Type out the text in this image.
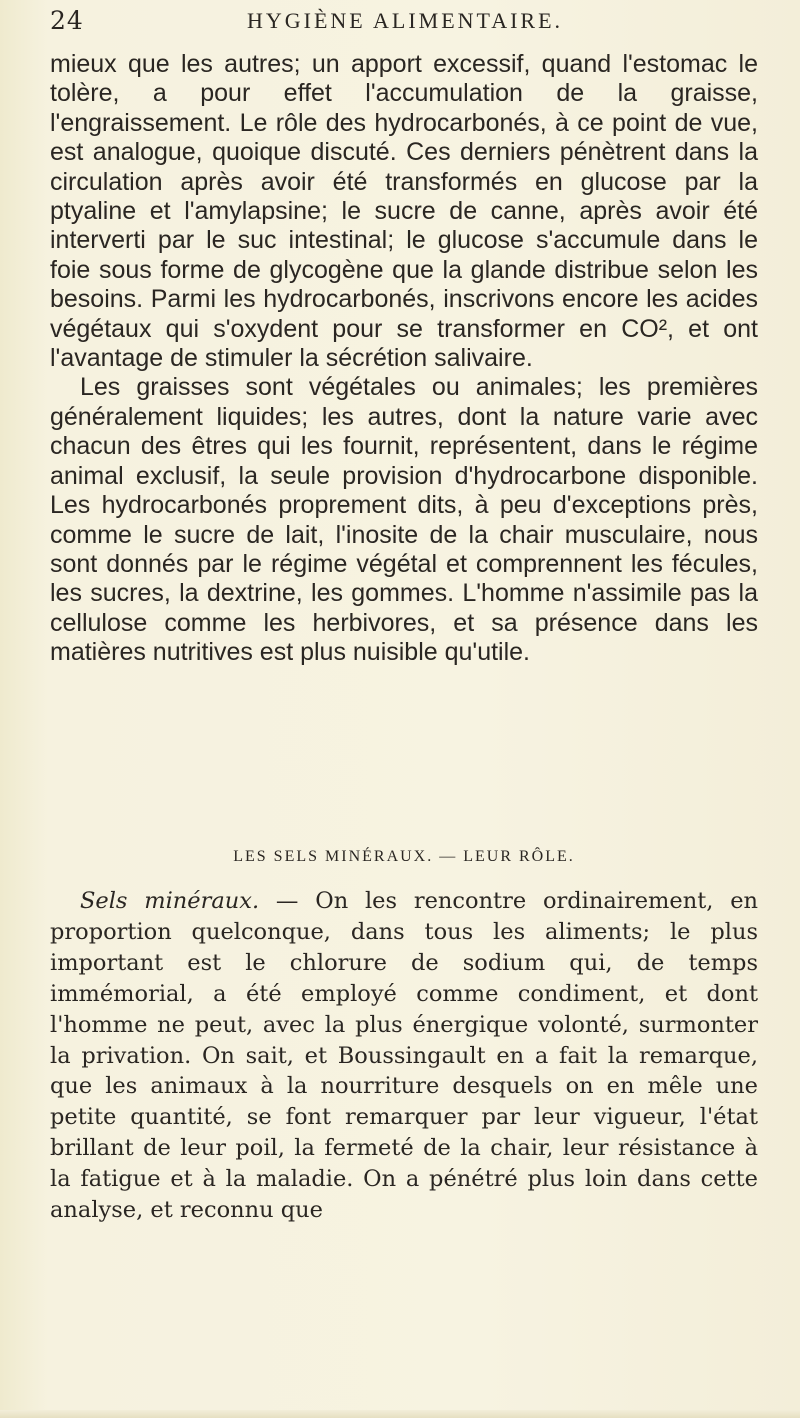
24	HYGIÈNE ALIMENTAIRE.

mieux que les autres; un apport excessif, quand l'estomac le tolère, a pour effet l'accumulation de la graisse, l'engraissement. Le rôle des hydrocarbonés, à ce point de vue, est analogue, quoique discuté. Ces derniers pénètrent dans la circulation après avoir été transformés en glucose par la ptyaline et l'amylapsine; le sucre de canne, après avoir été interverti par le suc intestinal; le glucose s'accumule dans le foie sous forme de glycogène que la glande distribue selon les besoins. Parmi les hydrocarbonés, inscrivons encore les acides végétaux qui s'oxydent pour se transformer en CO², et ont l'avantage de stimuler la sécrétion salivaire.

Les graisses sont végétales ou animales; les premières généralement liquides; les autres, dont la nature varie avec chacun des êtres qui les fournit, représentent, dans le régime animal exclusif, la seule provision d'hydrocarbone disponible. Les hydrocarbonés proprement dits, à peu d'exceptions près, comme le sucre de lait, l'inosite de la chair musculaire, nous sont donnés par le régime végétal et comprennent les fécules, les sucres, la dextrine, les gommes. L'homme n'assimile pas la cellulose comme les herbivores, et sa présence dans les matières nutritives est plus nuisible qu'utile.

LES SELS MINÉRAUX. — LEUR RÔLE.

Sels minéraux. — On les rencontre ordinairement, en proportion quelconque, dans tous les aliments; le plus important est le chlorure de sodium qui, de temps immémorial, a été employé comme condiment, et dont l'homme ne peut, avec la plus énergique volonté, surmonter la privation. On sait, et Boussingault en a fait la remarque, que les animaux à la nourriture desquels on en mêle une petite quantité, se font remarquer par leur vigueur, l'état brillant de leur poil, la fermeté de la chair, leur résistance à la fatigue et à la maladie. On a pénétré plus loin dans cette analyse, et reconnu que
